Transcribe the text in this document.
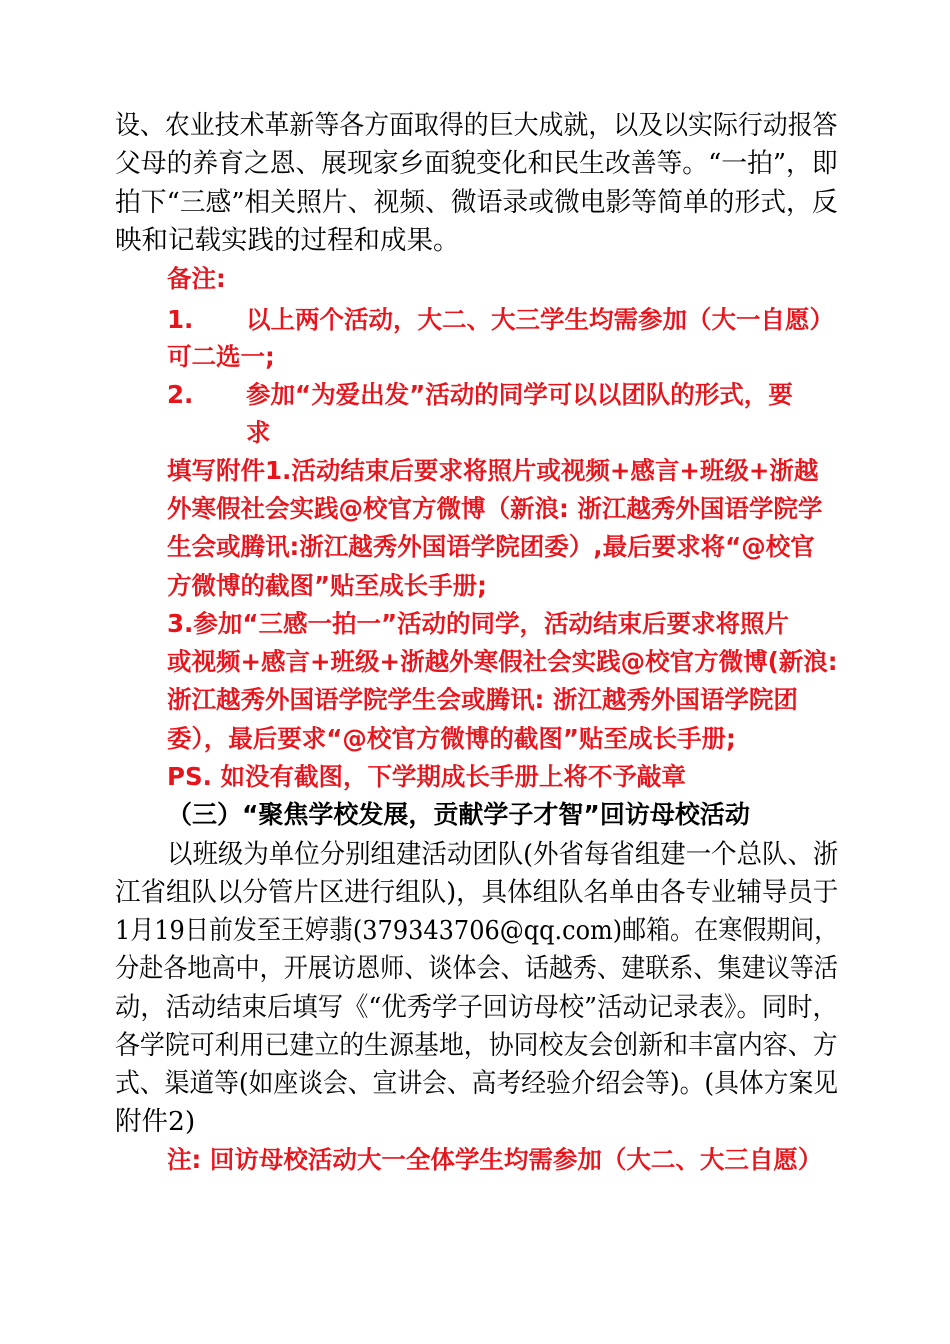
设、农业技术革新等各方面取得的巨大成就，以及以实际行动报答
父母的养育之恩、展现家乡面貌变化和民生改善等。“一拍”，即
拍下“三感”相关照片、视频、微语录或微电影等简单的形式，反
映和记载实践的过程和成果。
备注:
1. 以上两个活动，大二、大三学生均需参加（大一自愿）
可二选一;
2. 参加“为爱出发”活动的同学可以以团队的形式，要
求
填写附件1.活动结束后要求将照片或视频+感言+班级+浙越
外寒假社会实践@校官方微博（新浪: 浙江越秀外国语学院学
生会或腾讯:浙江越秀外国语学院团委）,最后要求将“@校官
方微博的截图”贴至成长手册;
3.参加“三感一拍一”活动的同学，活动结束后要求将照片
或视频+感言+班级+浙越外寒假社会实践@校官方微博(新浪:
浙江越秀外国语学院学生会或腾讯: 浙江越秀外国语学院团
委），最后要求“@校官方微博的截图”贴至成长手册;
PS. 如没有截图，下学期成长手册上将不予敲章
（三）“聚焦学校发展，贡献学子才智”回访母校活动
以班级为单位分别组建活动团队(外省每省组建一个总队、浙
江省组队以分管片区进行组队)，具体组队名单由各专业辅导员于
1月19日前发至王婷翡(379343706@qq.com)邮箱。在寒假期间，
分赴各地高中，开展访恩师、谈体会、话越秀、建联系、集建议等活
动，活动结束后填写《“优秀学子回访母校”活动记录表》。同时，
各学院可利用已建立的生源基地，协同校友会创新和丰富内容、方
式、渠道等(如座谈会、宣讲会、高考经验介绍会等)。(具体方案见
附件2)
注: 回访母校活动大一全体学生均需参加（大二、大三自愿）
